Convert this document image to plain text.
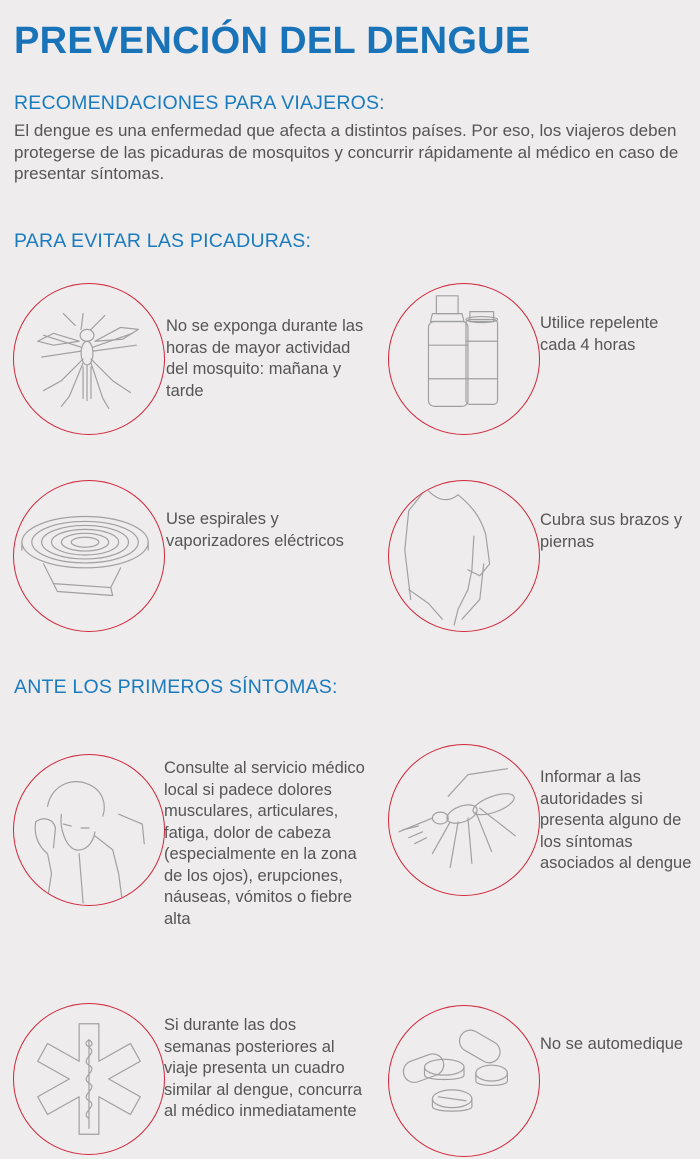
PREVENCIÓN DEL DENGUE
RECOMENDACIONES PARA VIAJEROS:

El dengue es una enfermedad que afecta a distintos países. Por eso, los viajeros deben protegerse de las picaduras de mosquitos y concurrir rápidamente al médico en caso de presentar síntomas.

PARA EVITAR LAS PICADURAS:

No se exponga durante las horas de mayor actividad del mosquito: mañana y tarde

Utilice repelente cada 4 horas

Use espirales y vaporizadores eléctricos

Cubra sus brazos y piernas

ANTE LOS PRIMEROS SÍNTOMAS:

Consulte al servicio médico local si padece dolores musculares, articulares, fatiga, dolor de cabeza (especialmente en la zona de los ojos), erupciones, náuseas, vómitos o fiebre alta

Informar a las autoridades si presenta alguno de los síntomas asociados al dengue

Si durante las dos semanas posteriores al viaje presenta un cuadro similar al dengue, concurra al médico inmediatamente

No se automedique
